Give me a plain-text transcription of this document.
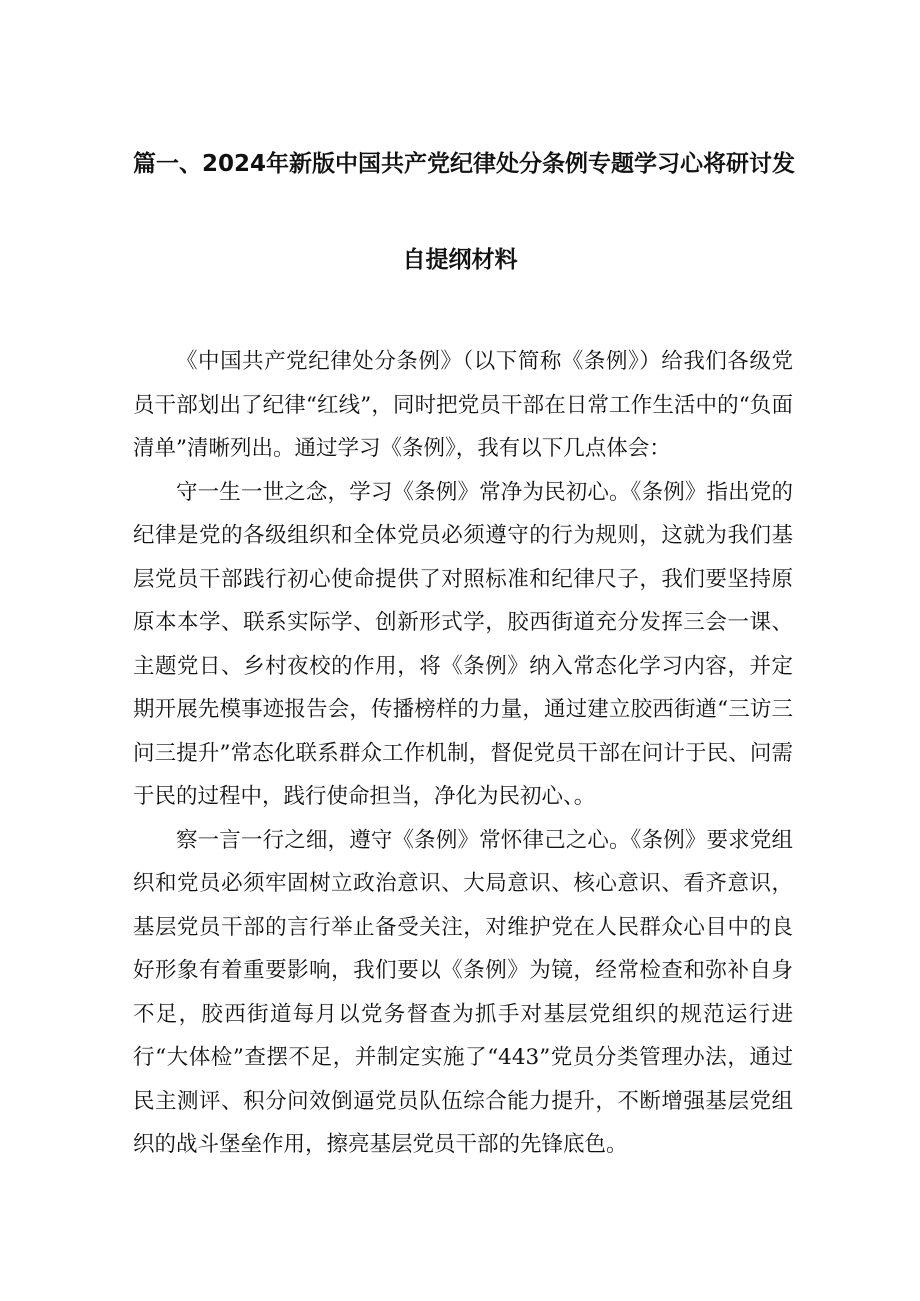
篇一、2024年新版中国共产党纪律处分条例专题学习心将研讨发
自提纲材料

《中国共产党纪律处分条例》（以下简称《条例》）给我们各级党员干部划出了纪律“红线”，同时把党员干部在日常工作生活中的“负面清单”清晰列出。通过学习《条例》，我有以下几点体会：

守一生一世之念，学习《条例》常净为民初心。《条例》指出党的纪律是党的各级组织和全体党员必须遵守的行为规则，这就为我们基层党员干部践行初心使命提供了对照标准和纪律尺子，我们要坚持原原本本学、联系实际学、创新形式学，胶西街道充分发挥三会一课、主题党日、乡村夜校的作用，将《条例》纳入常态化学习内容，并定期开展先模事迹报告会，传播榜样的力量，通过建立胶西街遒“三访三问三提升”常态化联系群众工作机制，督促党员干部在问计于民、问需于民的过程中，践行使命担当，净化为民初心、。

察一言一行之细，遵守《条例》常怀律己之心。《条例》要求党组织和党员必须牢固树立政治意识、大局意识、核心意识、看齐意识，基层党员干部的言行举止备受关注，对维护党在人民群众心目中的良好形象有着重要影响，我们要以《条例》为镜，经常检查和弥补自身不足，胶西街道每月以党务督查为抓手对基层党组织的规范运行进行“大体检”查摆不足，并制定实施了“443”党员分类管理办法，通过民主测评、积分问效倒逼党员队伍综合能力提升，不断增强基层党组织的战斗堡垒作用，擦亮基层党员干部的先锋底色。
